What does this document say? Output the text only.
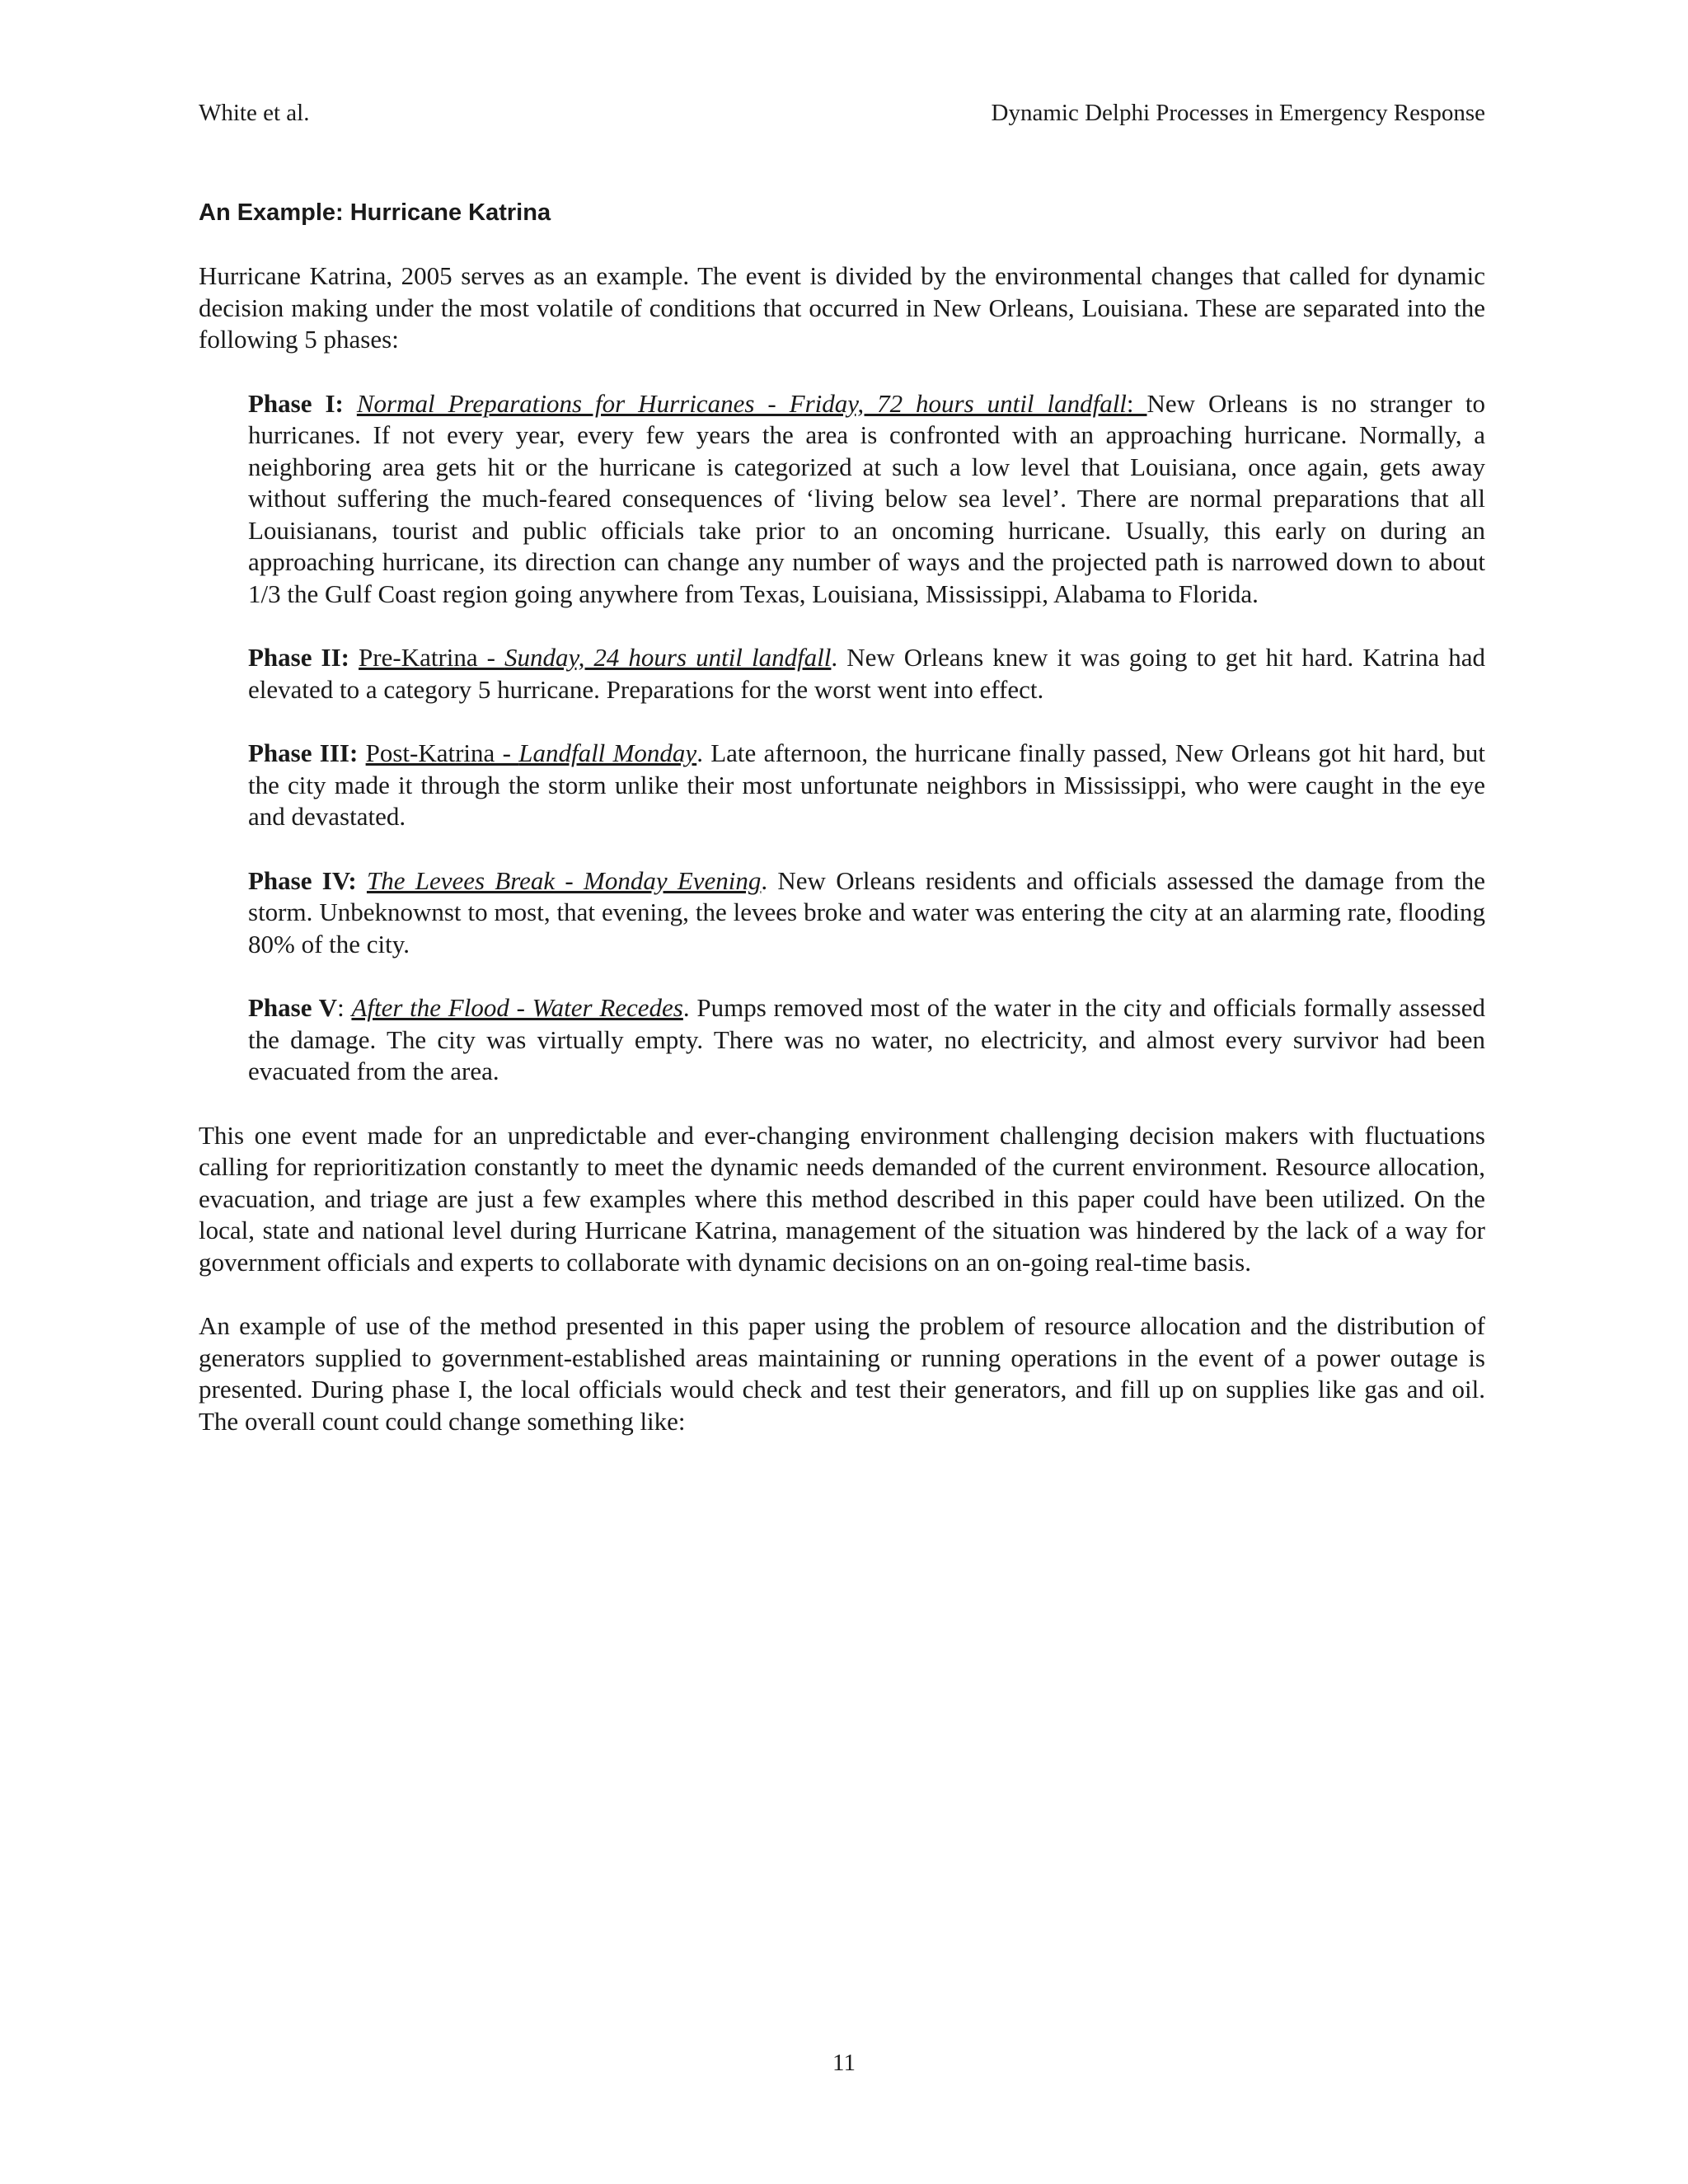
White et al.	Dynamic Delphi Processes in Emergency Response
An Example: Hurricane Katrina

Hurricane Katrina, 2005 serves as an example. The event is divided by the environmental changes that called for dynamic decision making under the most volatile of conditions that occurred in New Orleans, Louisiana. These are separated into the following 5 phases:

Phase I: Normal Preparations for Hurricanes - Friday, 72 hours until landfall: New Orleans is no stranger to hurricanes. If not every year, every few years the area is confronted with an approaching hurricane. Normally, a neighboring area gets hit or the hurricane is categorized at such a low level that Louisiana, once again, gets away without suffering the much-feared consequences of ‘living below sea level’. There are normal preparations that all Louisianans, tourist and public officials take prior to an oncoming hurricane. Usually, this early on during an approaching hurricane, its direction can change any number of ways and the projected path is narrowed down to about 1/3 the Gulf Coast region going anywhere from Texas, Louisiana, Mississippi, Alabama to Florida.

Phase II: Pre-Katrina - Sunday, 24 hours until landfall. New Orleans knew it was going to get hit hard. Katrina had elevated to a category 5 hurricane. Preparations for the worst went into effect.

Phase III: Post-Katrina - Landfall Monday. Late afternoon, the hurricane finally passed, New Orleans got hit hard, but the city made it through the storm unlike their most unfortunate neighbors in Mississippi, who were caught in the eye and devastated.

Phase IV: The Levees Break - Monday Evening. New Orleans residents and officials assessed the damage from the storm. Unbeknownst to most, that evening, the levees broke and water was entering the city at an alarming rate, flooding 80% of the city.

Phase V: After the Flood - Water Recedes. Pumps removed most of the water in the city and officials formally assessed the damage. The city was virtually empty. There was no water, no electricity, and almost every survivor had been evacuated from the area.

This one event made for an unpredictable and ever-changing environment challenging decision makers with fluctuations calling for reprioritization constantly to meet the dynamic needs demanded of the current environment. Resource allocation, evacuation, and triage are just a few examples where this method described in this paper could have been utilized. On the local, state and national level during Hurricane Katrina, management of the situation was hindered by the lack of a way for government officials and experts to collaborate with dynamic decisions on an on-going real-time basis.

An example of use of the method presented in this paper using the problem of resource allocation and the distribution of generators supplied to government-established areas maintaining or running operations in the event of a power outage is presented. During phase I, the local officials would check and test their generators, and fill up on supplies like gas and oil. The overall count could change something like:

11
